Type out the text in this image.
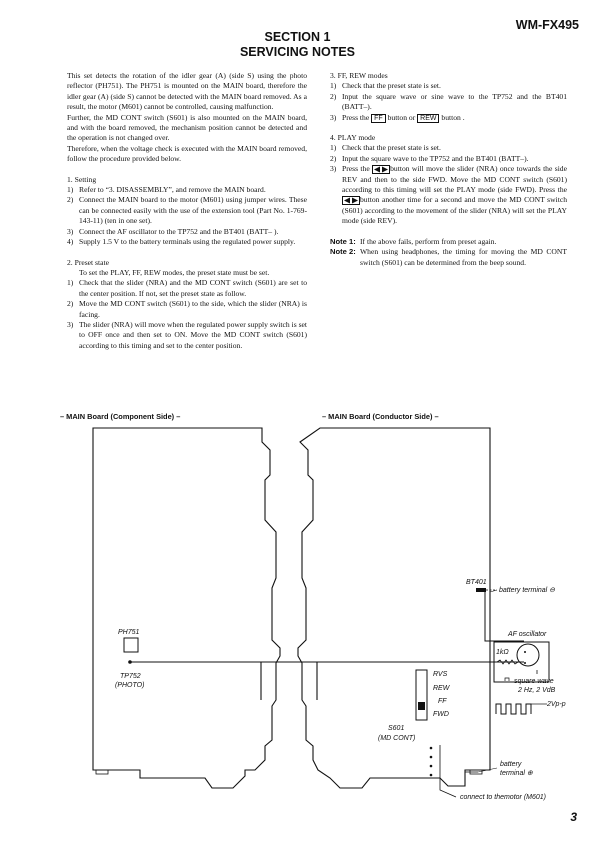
WM-FX495
SECTION 1
SERVICING NOTES

This set detects the rotation of the idler gear (A) (side S) using the photo reflector (PH751). The PH751 is mounted on the MAIN board, therefore the idler gear (A) (side S) cannot be detected with the MAIN board removed. As a result, the motor (M601) cannot be controlled, causing malfunction.

Further, the MD CONT switch (S601) is also mounted on the MAIN board, and with the board removed, the mechanism position cannot be detected and the operation is not changed over.

Therefore, when the voltage check is executed with the MAIN board removed, follow the procedure provided below.

1. Setting

1) Refer to “3. DISASSEMBLY”, and remove the MAIN board.
2) Connect the MAIN board to the motor (M601) using jumper wires. These can be connected easily with the use of the extension tool (Part No. 1-769-143-11) (ten in one set).
3) Connect the AF oscillator to the TP752 and the BT401 (BATT– ).
4) Supply 1.5 V to the battery terminals using the regulated power supply.

2. Preset state

To set the PLAY, FF, REW modes, the preset state must be set.

1) Check that the slider (NRA) and the MD CONT switch (S601) are set to the center position. If not, set the preset state as follow.
2) Move the MD CONT switch (S601) to the side, which the slider (NRA) is facing.
3) The slider (NRA) will move when the regulated power supply switch is set to OFF once and then set to ON. Move the MD CONT switch (S601) according to this timing and set to the center position.

3. FF, REW modes

1) Check that the preset state is set.
2) Input the square wave or sine wave to the TP752 and the BT401 (BATT–).
3) Press the FF button or REW button .

4. PLAY mode

1) Check that the preset state is set.
2) Input the square wave to the TP752 and the BT401 (BATT–).
3) Press the	button will move the slider (NRA) once towards the side REV and then to the side FWD. Move the MD CONT switch (S601) according to this timing will set the PLAY mode (side FWD). Press the button another time for a second and move the MD CONT switch (S601) according to the movement of the slider (NRA) will set the PLAY mode (side REV).
Note 1: If the above fails, perform from preset again.
Note 2: When using headphones, the timing for moving the MD CONT switch (S601) can be determined from the beep sound.
– MAIN Board (Component Side) –	– MAIN Board (Conductor Side) –
PH751
TP752
(PHOTO)
BT401
battery terminal ⊖
AF oscillator
1kΩ
square wave
2 Hz, 2 VdB
2Vp-p
RVS
REW
FF
FWD
S601
(MD CONT)
battery
terminal ⊕
connect to themotor (M601)
3
